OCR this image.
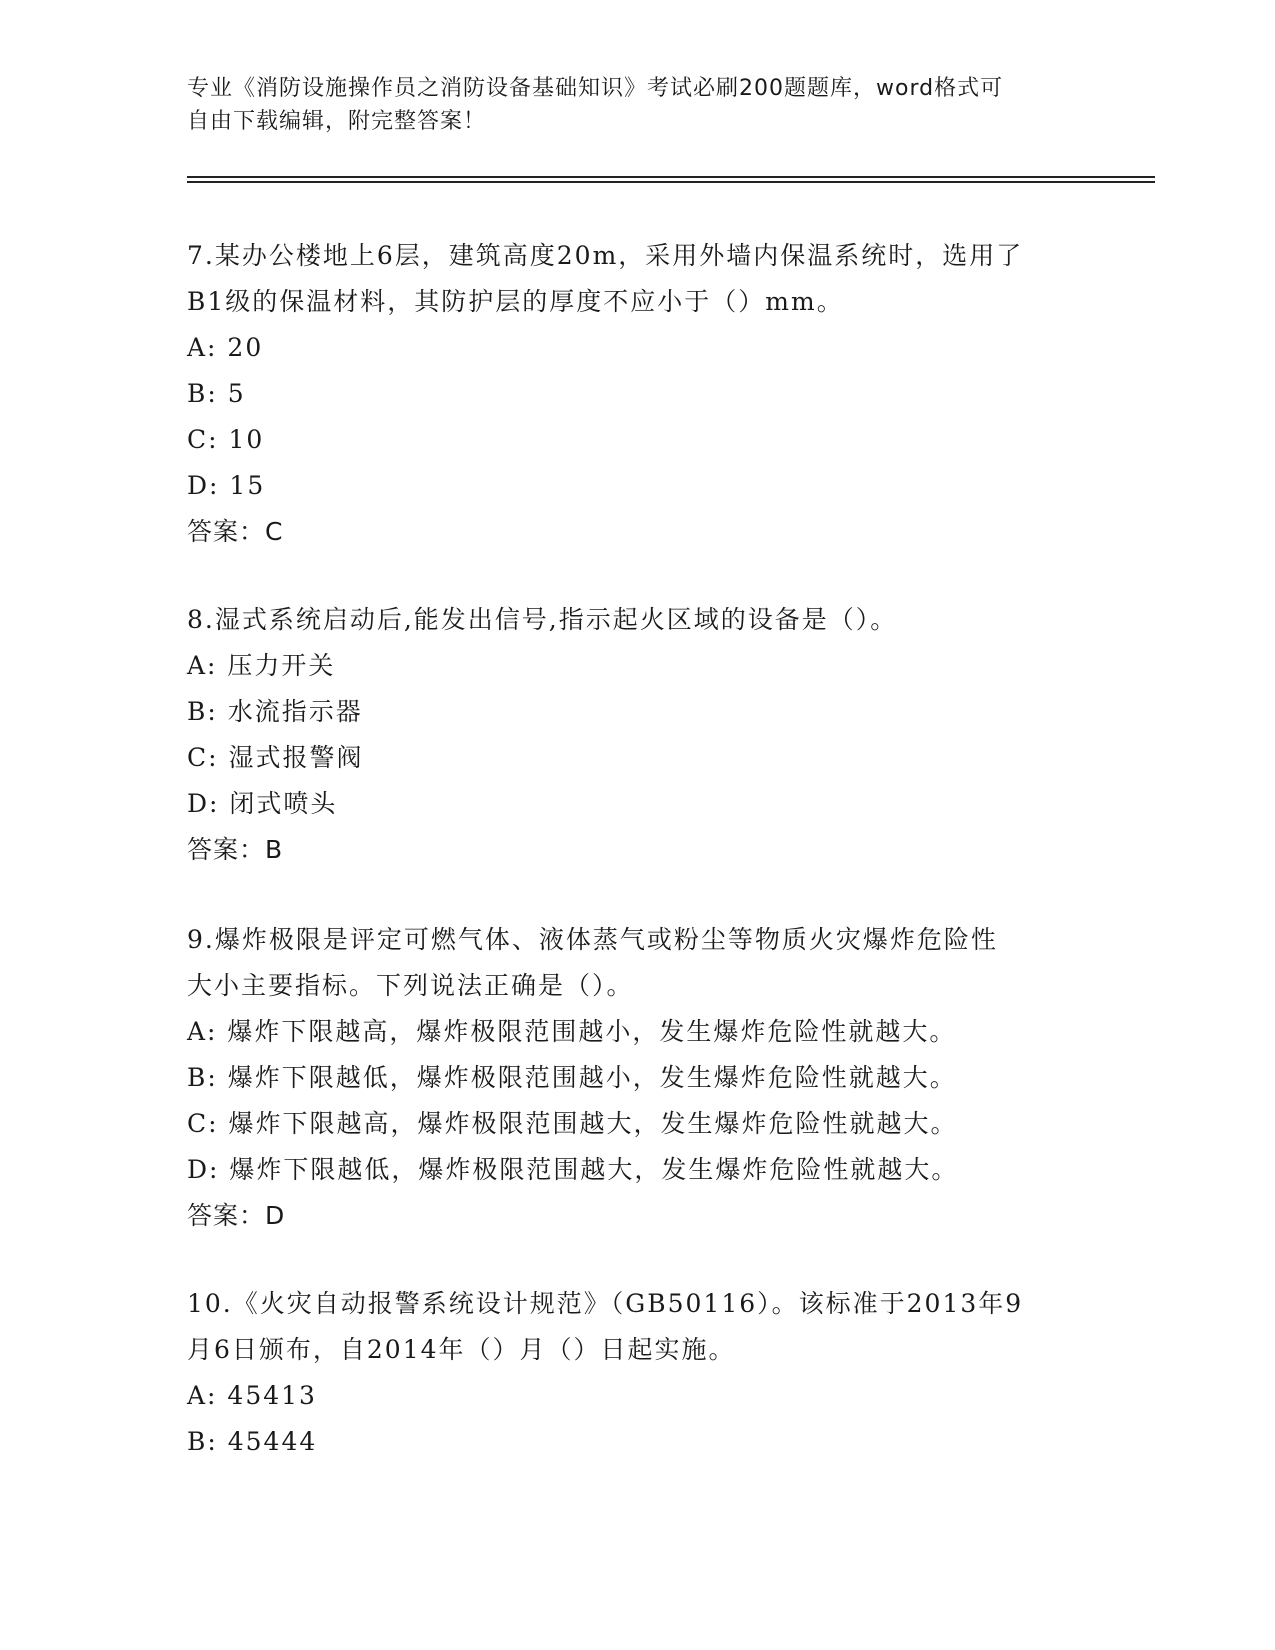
专业《消防设施操作员之消防设备基础知识》考试必刷200题题库，word格式可
自由下载编辑，附完整答案！
7.某办公楼地上6层，建筑高度20m，采用外墙内保温系统时，选用了
B1级的保温材料，其防护层的厚度不应小于（）mm。
A: 20
B: 5
C: 10
D: 15
答案：C
8.湿式系统启动后,能发出信号,指示起火区域的设备是（）。
A: 压力开关
B: 水流指示器
C: 湿式报警阀
D: 闭式喷头
答案：B
9.爆炸极限是评定可燃气体、液体蒸气或粉尘等物质火灾爆炸危险性
大小主要指标。下列说法正确是（）。
A: 爆炸下限越高，爆炸极限范围越小，发生爆炸危险性就越大。
B: 爆炸下限越低，爆炸极限范围越小，发生爆炸危险性就越大。
C: 爆炸下限越高，爆炸极限范围越大，发生爆炸危险性就越大。
D: 爆炸下限越低，爆炸极限范围越大，发生爆炸危险性就越大。
答案：D
10.《火灾自动报警系统设计规范》（GB50116）。该标准于2013年9
月6日颁布，自2014年（）月（）日起实施。
A: 45413
B: 45444
